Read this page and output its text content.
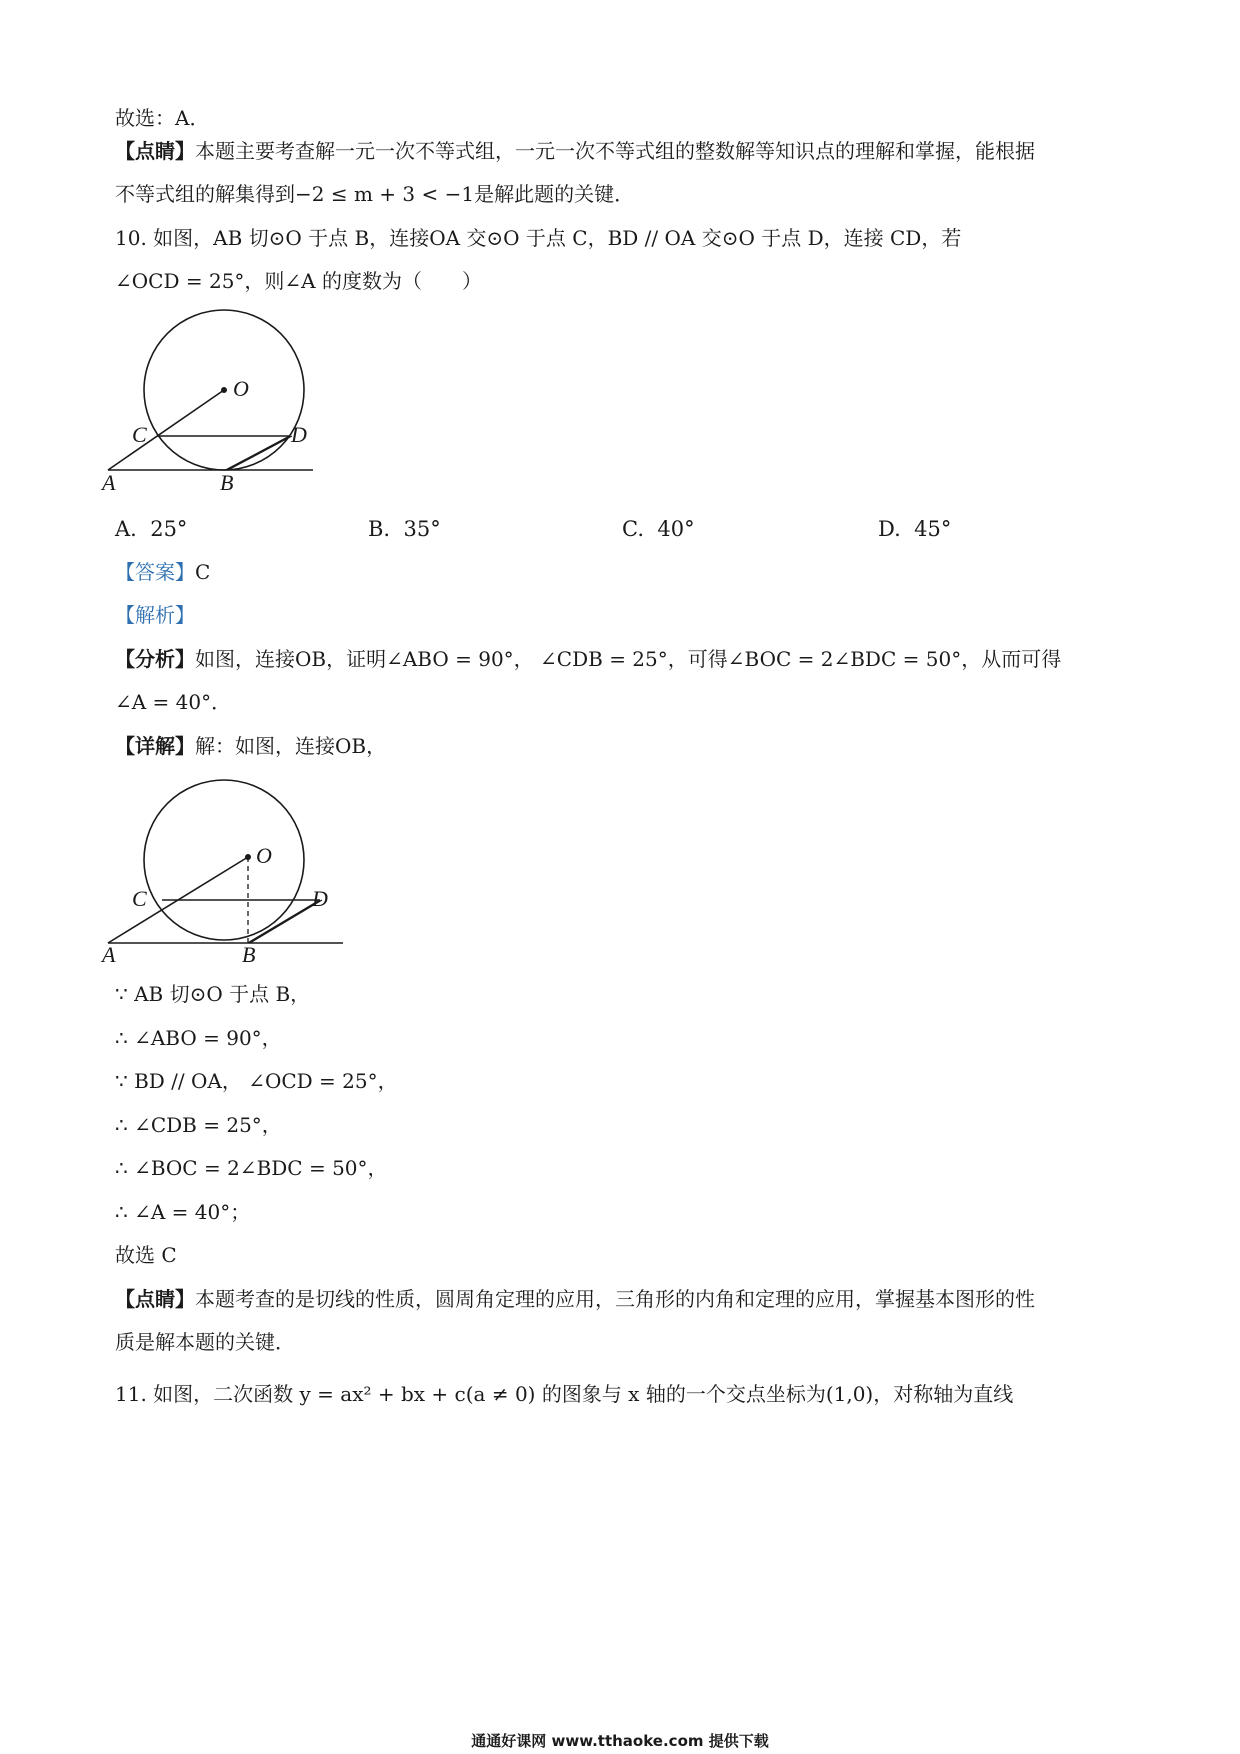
故选：A．
【点睛】本题主要考查解一元一次不等式组，一元一次不等式组的整数解等知识点的理解和掌握，能根据
不等式组的解集得到−2 ≤ m + 3 < −1是解此题的关键．
10. 如图，AB 切⊙O 于点 B，连接OA 交⊙O 于点 C，BD // OA 交⊙O 于点 D，连接 CD，若
∠OCD = 25°，则∠A 的度数为（　　）
O
C	D
A	B
A. 25°	B. 35°	C. 40°	D. 45°
【答案】C
【解析】
【分析】如图，连接OB，证明∠ABO = 90°， ∠CDB = 25°，可得∠BOC = 2∠BDC = 50°，从而可得
∠A = 40°．
【详解】解：如图，连接OB，
O
C	D
A	B
∵ AB 切⊙O 于点 B，
∴ ∠ABO = 90°，
∵ BD // OA， ∠OCD = 25°，
∴ ∠CDB = 25°，
∴ ∠BOC = 2∠BDC = 50°，
∴ ∠A = 40°；
故选 C
【点睛】本题考查的是切线的性质，圆周角定理的应用，三角形的内角和定理的应用，掌握基本图形的性
质是解本题的关键．
11. 如图，二次函数 y = ax² + bx + c(a ≠ 0) 的图象与 x 轴的一个交点坐标为(1,0)，对称轴为直线
通通好课网 www.tthaoke.com 提供下载
